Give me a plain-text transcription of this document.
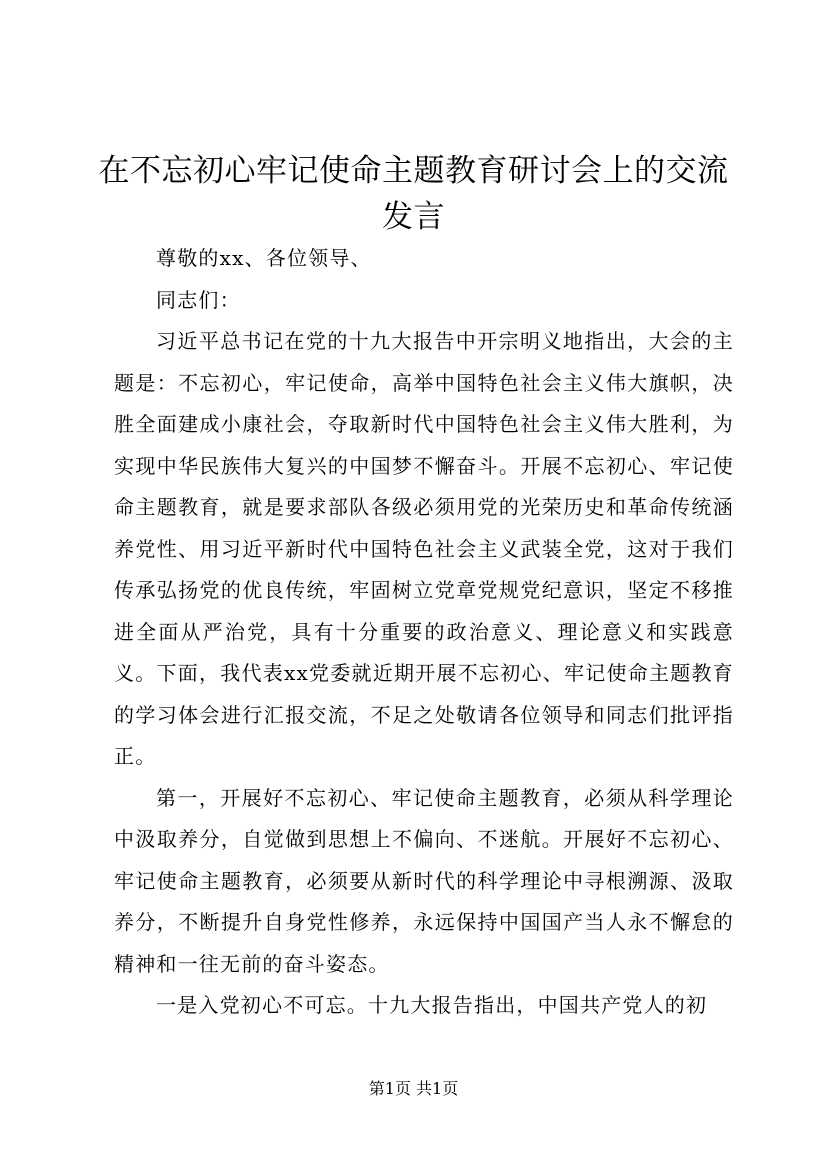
在不忘初心牢记使命主题教育研讨会上的交流发言

尊敬的xx、各位领导、

同志们：

习近平总书记在党的十九大报告中开宗明义地指出，大会的主题是：不忘初心，牢记使命，高举中国特色社会主义伟大旗帜，决胜全面建成小康社会，夺取新时代中国特色社会主义伟大胜利，为实现中华民族伟大复兴的中国梦不懈奋斗。开展不忘初心、牢记使命主题教育，就是要求部队各级必须用党的光荣历史和革命传统涵养党性、用习近平新时代中国特色社会主义武装全党，这对于我们传承弘扬党的优良传统，牢固树立党章党规党纪意识，坚定不移推进全面从严治党，具有十分重要的政治意义、理论意义和实践意义。下面，我代表xx党委就近期开展不忘初心、牢记使命主题教育的学习体会进行汇报交流，不足之处敬请各位领导和同志们批评指正。

第一，开展好不忘初心、牢记使命主题教育，必须从科学理论中汲取养分，自觉做到思想上不偏向、不迷航。开展好不忘初心、牢记使命主题教育，必须要从新时代的科学理论中寻根溯源、汲取养分，不断提升自身党性修养，永远保持中国国产当人永不懈怠的精神和一往无前的奋斗姿态。

一是入党初心不可忘。十九大报告指出，中国共产党人的初

第1页 共1页
